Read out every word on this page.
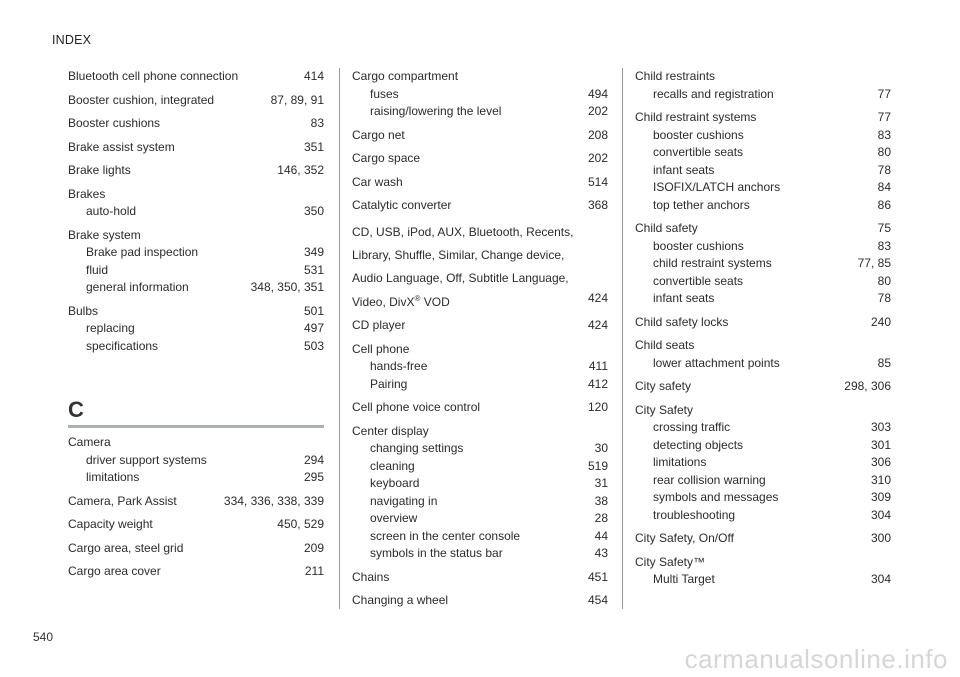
INDEX
Bluetooth cell phone connection	414
Booster cushion, integrated	87, 89, 91
Booster cushions	83
Brake assist system	351
Brake lights	146, 352
Brakes
auto-hold	350
Brake system
Brake pad inspection	349
fluid	531
general information	348, 350, 351
Bulbs	501
replacing	497
specifications	503
C
Camera
driver support systems	294
limitations	295
Camera, Park Assist	334, 336, 338, 339
Capacity weight	450, 529
Cargo area, steel grid	209
Cargo area cover	211
Cargo compartment
fuses	494
raising/lowering the level	202
Cargo net	208
Cargo space	202
Car wash	514
Catalytic converter	368
CD, USB, iPod, AUX, Bluetooth, Recents,
Library, Shuffle, Similar, Change device,
Audio Language, Off, Subtitle Language,
Video, DivX® VOD	424
CD player	424
Cell phone
hands-free	411
Pairing	412
Cell phone voice control	120
Center display
changing settings	30
cleaning	519
keyboard	31
navigating in	38
overview	28
screen in the center console	44
symbols in the status bar	43
Chains	451
Changing a wheel	454
Child restraints
recalls and registration	77
Child restraint systems	77
booster cushions	83
convertible seats	80
infant seats	78
ISOFIX/LATCH anchors	84
top tether anchors	86
Child safety	75
booster cushions	83
child restraint systems	77, 85
convertible seats	80
infant seats	78
Child safety locks	240
Child seats
lower attachment points	85
City safety	298, 306
City Safety
crossing traffic	303
detecting objects	301
limitations	306
rear collision warning	310
symbols and messages	309
troubleshooting	304
City Safety, On/Off	300
City Safety™
Multi Target	304
540
carmanualsonline.info
